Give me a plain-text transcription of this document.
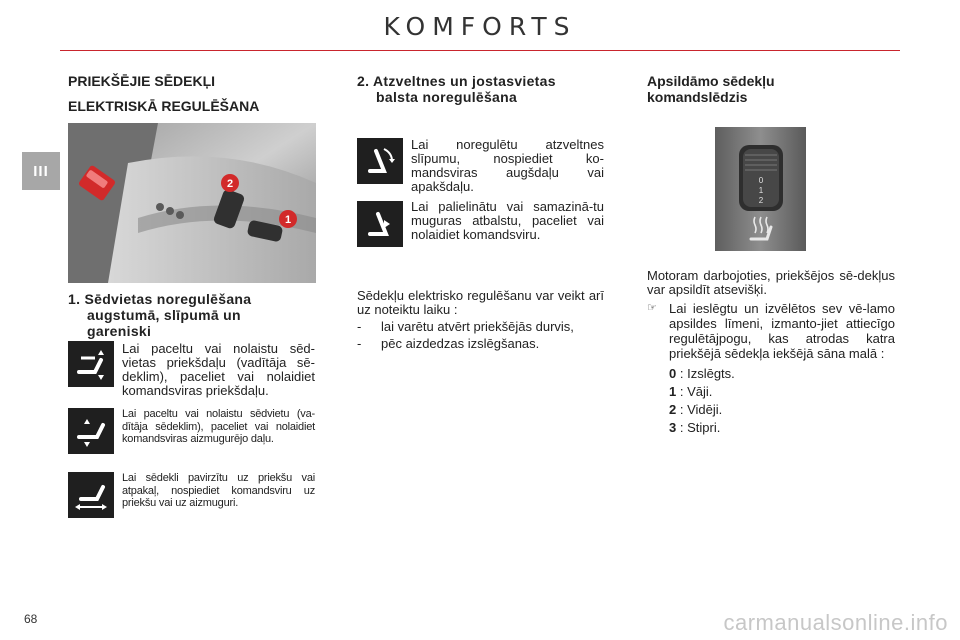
KOMFORTS
III
PRIEKŠĒJIE SĒDEKĻI
ELEKTRISKĀ REGULĒŠANA
2
1
1. Sēdvietas noregulēšana
augstumā, slīpumā un
gareniski
Lai paceltu vai nolaistu sēd-vietas priekšdaļu (vadītāja sē-deklim), paceliet vai nolaidiet komandsviras priekšdaļu.
Lai paceltu vai nolaistu sēdvietu (va-dītāja sēdeklim), paceliet vai nolaidiet komandsviras aizmugurējo daļu.
Lai sēdekli pavirzītu uz priekšu vai atpakaļ, nospiediet komandsviru uz priekšu vai uz aizmuguri.
2. Atzveltnes un jostasvietas
balsta noregulēšana
Lai noregulētu atzveltnes slīpumu, nospiediet ko-mandsviras augšdaļu vai apakšdaļu.
Lai palielinātu vai samazinā-tu muguras atbalstu, paceliet vai nolaidiet komandsviru.
Sēdekļu elektrisko regulēšanu var veikt arī uz noteiktu laiku :
-	lai varētu atvērt priekšējās durvis,
-	pēc aizdedzas izslēgšanas.
Apsildāmo sēdekļu
komandslēdzis
0
1
2
Motoram darbojoties, priekšējos sē-dekļus var apsildīt atsevišķi.
☞ Lai ieslēgtu un izvēlētos sev vē-lamo apsildes līmeni, izmanto-jiet attiecīgo regulētājpogu, kas atrodas katra priekšējā sēdekļa iekšējā sāna malā :
0 : Izslēgts.
1 : Vāji.
2 : Vidēji.
3 : Stipri.
68	carmanualsonline.info
